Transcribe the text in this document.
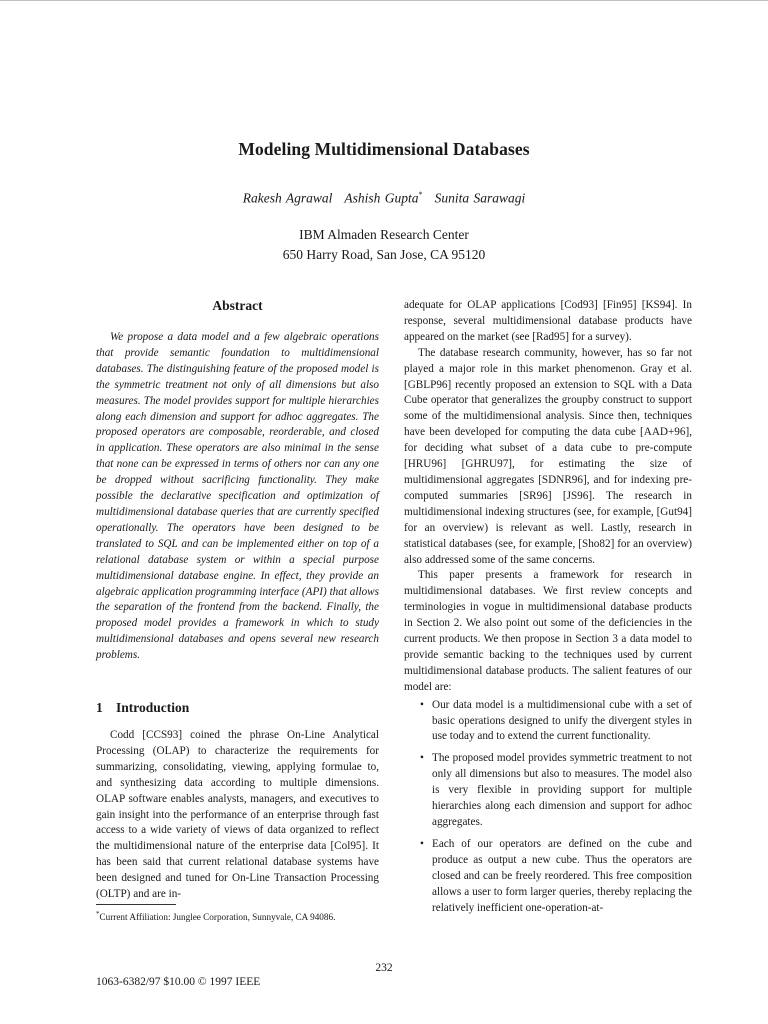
Modeling Multidimensional Databases
Rakesh Agrawal Ashish Gupta* Sunita Sarawagi
IBM Almaden Research Center
650 Harry Road, San Jose, CA 95120
Abstract

We propose a data model and a few algebraic operations that provide semantic foundation to multidimensional databases. The distinguishing feature of the proposed model is the symmetric treatment not only of all dimensions but also measures. The model provides support for multiple hierarchies along each dimension and support for adhoc aggregates. The proposed operators are composable, reorderable, and closed in application. These operators are also minimal in the sense that none can be expressed in terms of others nor can any one be dropped without sacrificing functionality. They make possible the declarative specification and optimization of multidimensional database queries that are currently specified operationally. The operators have been designed to be translated to SQL and can be implemented either on top of a relational database system or within a special purpose multidimensional database engine. In effect, they provide an algebraic application programming interface (API) that allows the separation of the frontend from the backend. Finally, the proposed model provides a framework in which to study multidimensional databases and opens several new research problems.

1 Introduction

Codd [CCS93] coined the phrase On-Line Analytical Processing (OLAP) to characterize the requirements for summarizing, consolidating, viewing, applying formulae to, and synthesizing data according to multiple dimensions. OLAP software enables analysts, managers, and executives to gain insight into the performance of an enterprise through fast access to a wide variety of views of data organized to reflect the multidimensional nature of the enterprise data [Col95]. It has been said that current relational database systems have been designed and tuned for On-Line Transaction Processing (OLTP) and are in-

adequate for OLAP applications [Cod93] [Fin95] [KS94]. In response, several multidimensional database products have appeared on the market (see [Rad95] for a survey).

The database research community, however, has so far not played a major role in this market phenomenon. Gray et al. [GBLP96] recently proposed an extension to SQL with a Data Cube operator that generalizes the groupby construct to support some of the multidimensional analysis. Since then, techniques have been developed for computing the data cube [AAD+96], for deciding what subset of a data cube to pre-compute [HRU96] [GHRU97], for estimating the size of multidimensional aggregates [SDNR96], and for indexing pre-computed summaries [SR96] [JS96]. The research in multidimensional indexing structures (see, for example, [Gut94] for an overview) is relevant as well. Lastly, research in statistical databases (see, for example, [Sho82] for an overview) also addressed some of the same concerns.

This paper presents a framework for research in multidimensional databases. We first review concepts and terminologies in vogue in multidimensional database products in Section 2. We also point out some of the deficiencies in the current products. We then propose in Section 3 a data model to provide semantic backing to the techniques used by current multidimensional database products. The salient features of our model are:

• Our data model is a multidimensional cube with a set of basic operations designed to unify the divergent styles in use today and to extend the current functionality.
• The proposed model provides symmetric treatment to not only all dimensions but also to measures. The model also is very flexible in providing support for multiple hierarchies along each dimension and support for adhoc aggregates.
• Each of our operators are defined on the cube and produce as output a new cube. Thus the operators are closed and can be freely reordered. This free composition allows a user to form larger queries, thereby replacing the relatively inefficient one-operation-at-
*Current Affiliation: Junglee Corporation, Sunnyvale, CA 94086.
232
1063-6382/97 $10.00 © 1997 IEEE
